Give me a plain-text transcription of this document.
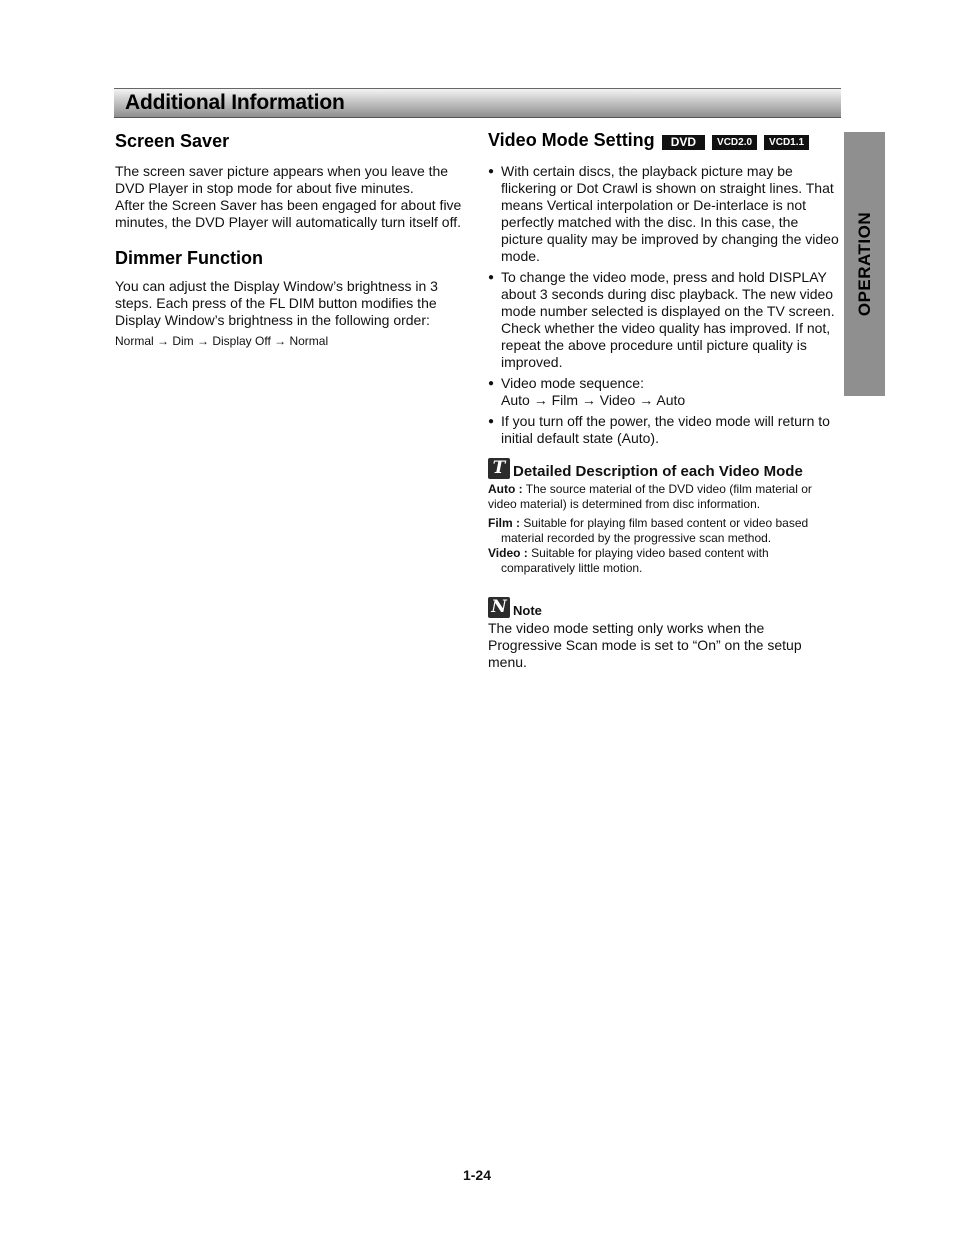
Additional Information
OPERATION
Screen Saver

The screen saver picture appears when you leave the DVD Player in stop mode for about five minutes.

After the Screen Saver has been engaged for about five minutes, the DVD Player will automatically turn itself off.

Dimmer Function

You can adjust the Display Window’s brightness in 3 steps. Each press of the FL DIM button modifies the Display Window’s brightness in the following order:

Normal → Dim → Display Off → Normal

Video Mode Setting	DVD	VCD2.0	VCD1.1
● With certain discs, the playback picture may be flickering or Dot Crawl is shown on straight lines. That means Vertical interpolation or De-interlace is not perfectly matched with the disc. In this case, the picture quality may be improved by changing the video mode.
● To change the video mode, press and hold DISPLAY about 3 seconds during disc playback. The new video mode number selected is displayed on the TV screen. Check whether the video quality has improved. If not, repeat the above procedure until picture quality is improved.
● Video mode sequence:
Auto → Film → Video → Auto
● If you turn off the power, the video mode will return to initial default state (Auto).
T Detailed Description of each Video Mode

Auto : The source material of the DVD video (film material or video material) is determined from disc information.

Film : Suitable for playing film based content or video based material recorded by the progressive scan method.

Video : Suitable for playing video based content with comparatively little motion.

N Note

The video mode setting only works when the Progressive Scan mode is set to “On” on the setup menu.

1-24
